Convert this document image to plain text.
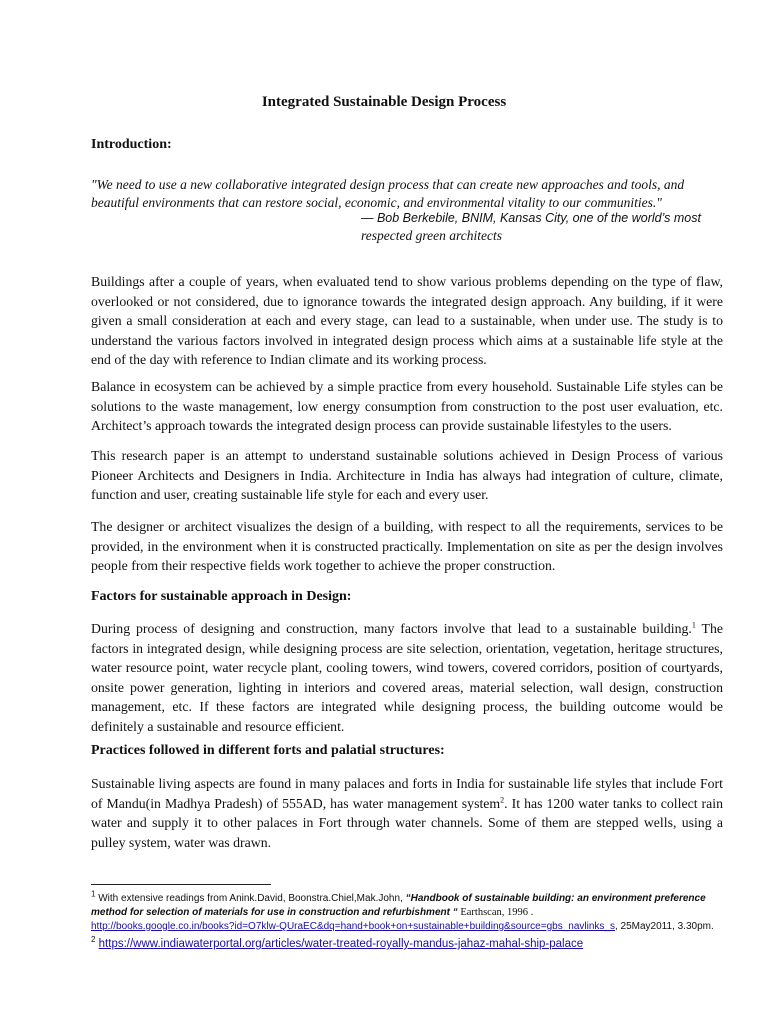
Integrated Sustainable Design Process
Introduction:

"We need to use a new collaborative integrated design process that can create new approaches and tools, and beautiful environments that can restore social, economic, and environmental vitality to our communities."

— Bob Berkebile, BNIM, Kansas City, one of the world’s most
respected green architects

Buildings after a couple of years, when evaluated tend to show various problems depending on the type of flaw, overlooked or not considered, due to ignorance towards the integrated design approach. Any building, if it were given a small consideration at each and every stage, can lead to a sustainable, when under use. The study is to understand the various factors involved in integrated design process which aims at a sustainable life style at the end of the day with reference to Indian climate and its working process.

Balance in ecosystem can be achieved by a simple practice from every household. Sustainable Life styles can be solutions to the waste management, low energy consumption from construction to the post user evaluation, etc. Architect’s approach towards the integrated design process can provide sustainable lifestyles to the users.

This research paper is an attempt to understand sustainable solutions achieved in Design Process of various Pioneer Architects and Designers in India. Architecture in India has always had integration of culture, climate, function and user, creating sustainable life style for each and every user.

The designer or architect visualizes the design of a building, with respect to all the requirements, services to be provided, in the environment when it is constructed practically. Implementation on site as per the design involves people from their respective fields work together to achieve the proper construction.

Factors for sustainable approach in Design:

During process of designing and construction, many factors involve that lead to a sustainable building.$^1$ The factors in integrated design, while designing process are site selection, orientation, vegetation, heritage structures, water resource point, water recycle plant, cooling towers, wind towers, covered corridors, position of courtyards, onsite power generation, lighting in interiors and covered areas, material selection, wall design, construction management, etc. If these factors are integrated while designing process, the building outcome would be definitely a sustainable and resource efficient.

Practices followed in different forts and palatial structures:

Sustainable living aspects are found in many palaces and forts in India for sustainable life styles that include Fort of Mandu(in Madhya Pradesh) of 555AD, has water management system$^2$. It has 1200 water tanks to collect rain water and supply it to other palaces in Fort through water channels. Some of them are stepped wells, using a pulley system, water was drawn.

$^1$ With extensive readings from Anink.David, Boonstra.Chiel,Mak.John, “Handbook of sustainable building: an environment preference method for selection of materials for use in construction and refurbishment “ Earthscan, 1996 .
http://books.google.co.in/books?id=O7klw-QUraEC&dq=hand+book+on+sustainable+building&source=gbs_navlinks_s, 25May2011, 3.30pm.

$^2$ https://www.indiawaterportal.org/articles/water-treated-royally-mandus-jahaz-mahal-ship-palace
